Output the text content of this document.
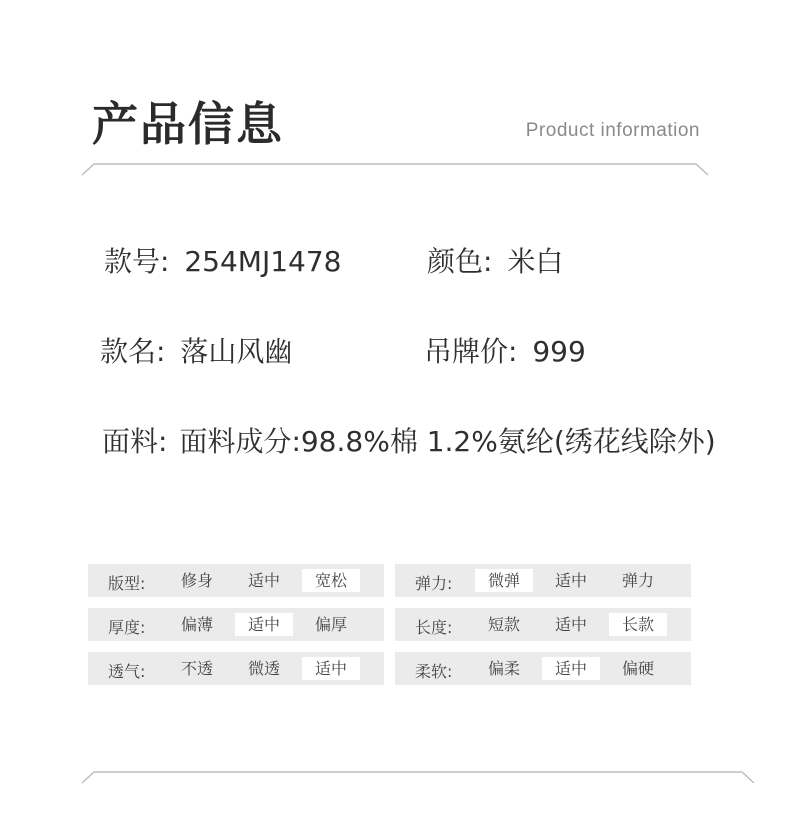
产品信息	Product information
款号: 254MJ1478	颜色: 米白
款名: 落山风幽	吊牌价: 999
面料: 面料成分:98.8%棉 1.2%氨纶(绣花线除外)
版型:	修身	适中	宽松	弹力:	微弹	适中	弹力
厚度:	偏薄	适中	偏厚	长度:	短款	适中	长款
透气:	不透	微透	适中	柔软:	偏柔	适中	偏硬
